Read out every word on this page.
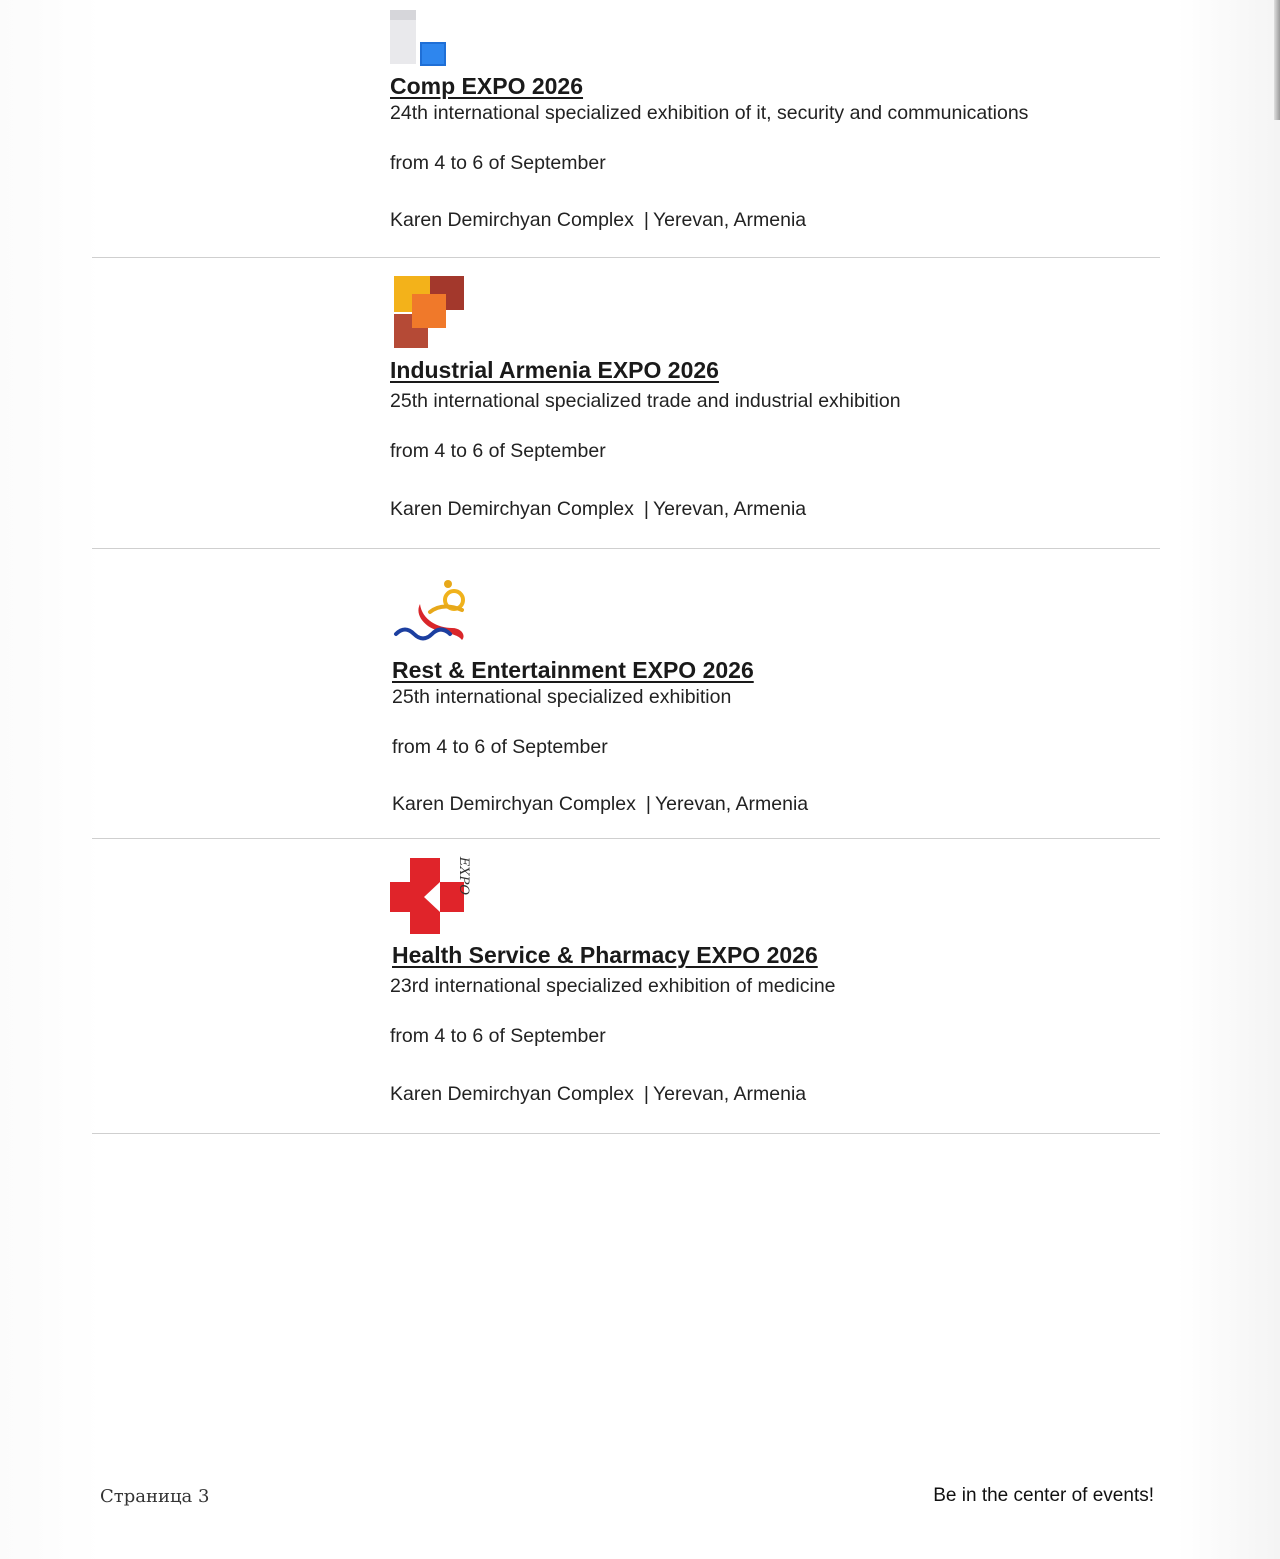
Comp EXPO 2026
24th international specialized exhibition of it, security and communications
from 4 to 6 of September
Karen Demirchyan Complex | Yerevan, Armenia
Industrial Armenia EXPO 2026
25th international specialized trade and industrial exhibition
from 4 to 6 of September
Karen Demirchyan Complex | Yerevan, Armenia
Rest & Entertainment EXPO 2026
25th international specialized exhibition
from 4 to 6 of September
Karen Demirchyan Complex | Yerevan, Armenia
EXPO
Health Service & Pharmacy EXPO 2026
23rd international specialized exhibition of medicine
from 4 to 6 of September
Karen Demirchyan Complex | Yerevan, Armenia
Страница 3	Be in the center of events!
